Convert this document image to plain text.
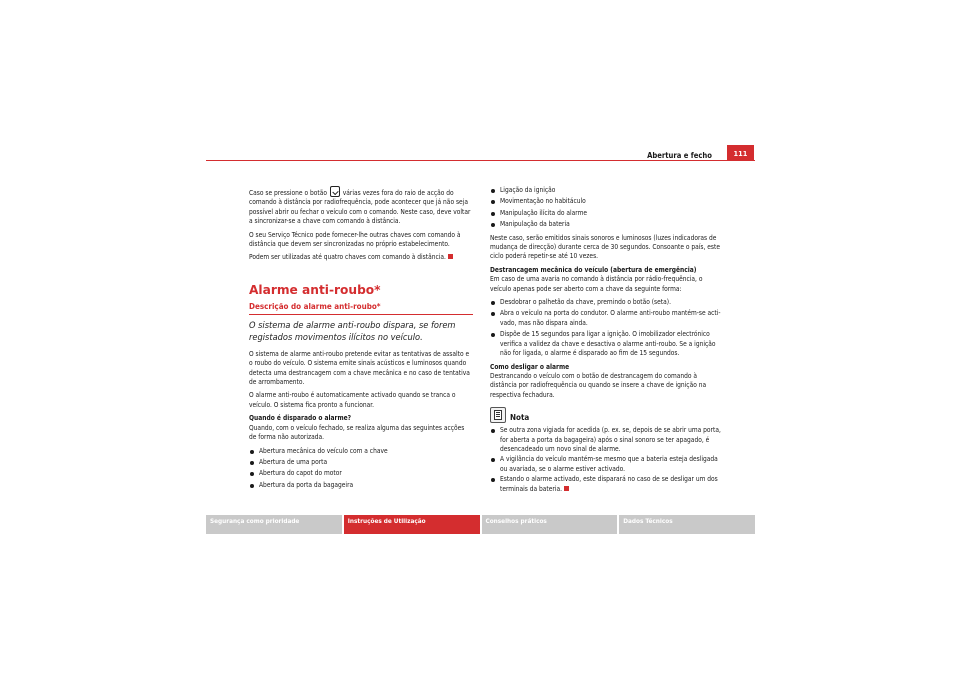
Abertura e fecho	111

Caso se pressione o botão várias vezes fora do raio de acção do comando à distância por radiofrequência, pode acontecer que já não seja possível abrir ou fechar o veículo com o comando. Neste caso, deve voltar a sincronizar-se a chave com comando à distância.

O seu Serviço Técnico pode fornecer-lhe outras chaves com comando à distância que devem ser sincronizadas no próprio estabelecimento.

Podem ser utilizadas até quatro chaves com comando à distância.

Alarme anti-roubo*
Descrição do alarme anti-roubo*

O sistema de alarme anti-roubo dispara, se forem registados movimentos ilícitos no veículo.

O sistema de alarme anti-roubo pretende evitar as tentativas de assalto e o roubo do veículo. O sistema emite sinais acústicos e luminosos quando detecta uma destrancagem com a chave mecânica e no caso de tentativa de arrombamento.

O alarme anti-roubo é automaticamente activado quando se tranca o veículo. O sistema fica pronto a funcionar.

Quando é disparado o alarme?

Quando, com o veículo fechado, se realiza alguma das seguintes acções de forma não autorizada.

Abertura mecânica do veículo com a chave
Abertura de uma porta
Abertura do capot do motor
Abertura da porta da bagageira
Ligação da ignição
Movimentação no habitáculo
Manipulação ilícita do alarme
Manipulação da bateria

Neste caso, serão emitidos sinais sonoros e luminosos (luzes indicadoras de mudança de direcção) durante cerca de 30 segundos. Consoante o país, este ciclo poderá repetir-se até 10 vezes.

Destrancagem mecânica do veículo (abertura de emergência)

Em caso de uma avaria no comando à distância por rádio-frequência, o veículo apenas pode ser aberto com a chave da seguinte forma:

Desdobrar o palhetão da chave, premindo o botão (seta).
Abra o veículo na porta do condutor. O alarme anti-roubo mantém-se activado, mas não dispara ainda.
Dispõe de 15 segundos para ligar a ignição. O imobilizador electrónico verifica a validez da chave e desactiva o alarme anti-roubo. Se a ignição não for ligada, o alarme é disparado ao fim de 15 segundos.

Como desligar o alarme

Destrancando o veículo com o botão de destrancagem do comando à distância por radiofrequência ou quando se insere a chave de ignição na respectiva fechadura.

Nota
Se outra zona vigiada for acedida (p. ex. se, depois de se abrir uma porta, for aberta a porta da bagageira) após o sinal sonoro se ter apagado, é desencadeado um novo sinal de alarme.
A vigilância do veículo mantém-se mesmo que a bateria esteja desligada ou avariada, se o alarme estiver activado.
Estando o alarme activado, este disparará no caso de se desligar um dos terminais da bateria.
Segurança como prioridade	Instruções de Utilização	Conselhos práticos	Dados Técnicos
